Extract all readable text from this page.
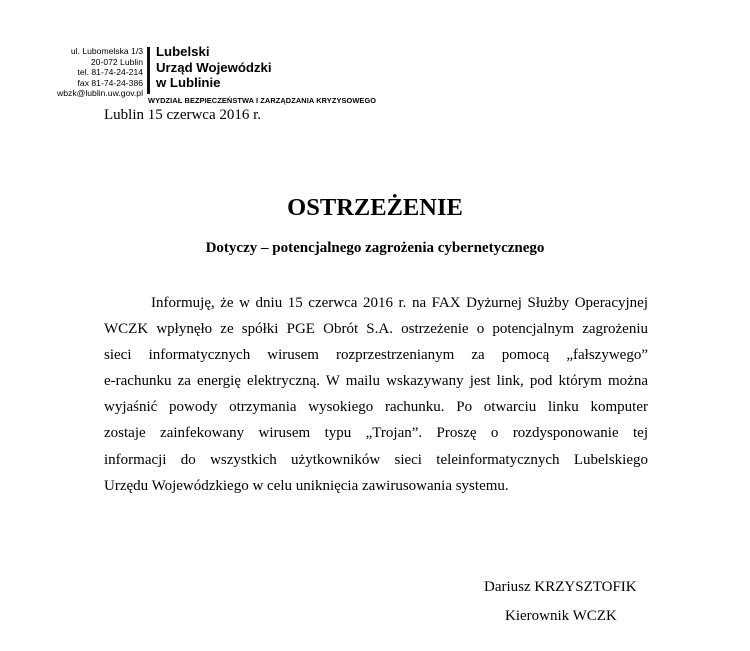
ul. Lubomelska 1/3
20-072 Lublin
tel. 81-74-24-214
fax 81-74-24-386
wbzk@lublin.uw.gov.pl
Lubelski
Urząd Wojewódzki
w Lublinie
WYDZIAŁ BEZPIECZEŃSTWA I ZARZĄDZANIA KRYZYSOWEGO
Lublin 15 czerwca 2016 r.
OSTRZEŻENIE
Dotyczy – potencjalnego zagrożenia cybernetycznego
Informuję, że w dniu 15 czerwca 2016 r. na FAX Dyżurnej Służby Operacyjnej
WCZK wpłynęło ze spółki PGE Obrót S.A. ostrzeżenie o potencjalnym zagrożeniu
sieci informatycznych wirusem rozprzestrzenianym za pomocą „fałszywego”
e-rachunku za energię elektryczną. W mailu wskazywany jest link, pod którym można
wyjaśnić powody otrzymania wysokiego rachunku. Po otwarciu linku komputer
zostaje zainfekowany wirusem typu „Trojan”. Proszę o rozdysponowanie tej
informacji do wszystkich użytkowników sieci teleinformatycznych Lubelskiego
Urzędu Wojewódzkiego w celu uniknięcia zawirusowania systemu.
Dariusz KRZYSZTOFIK
Kierownik WCZK
